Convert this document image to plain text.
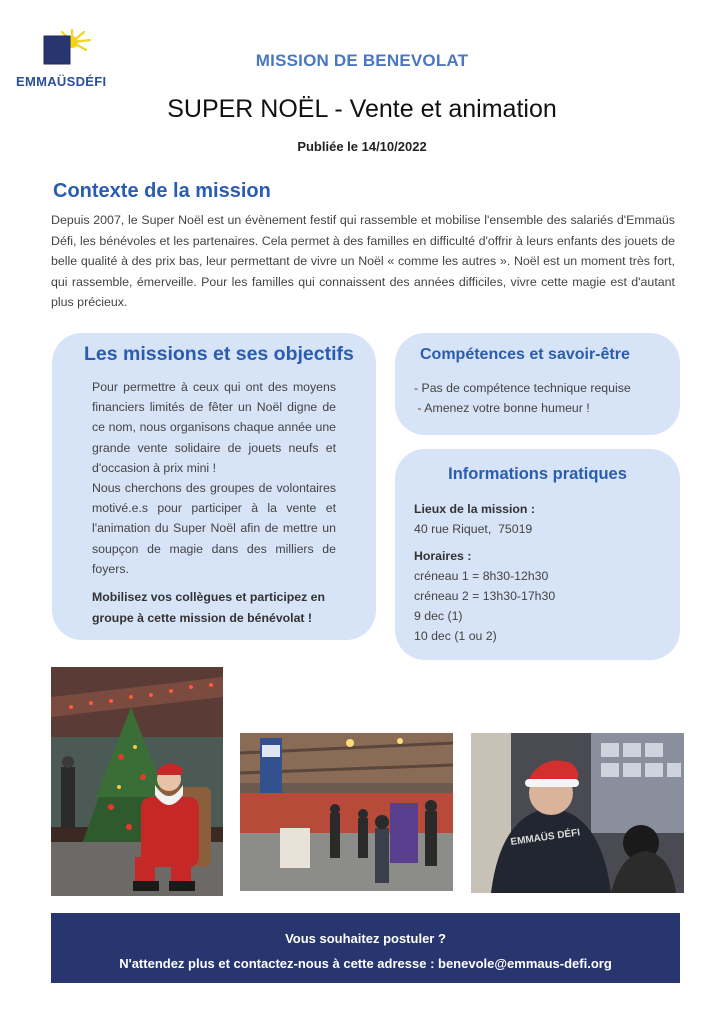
EMMAÜSDÉFI
MISSION DE BENEVOLAT
SUPER NOËL - Vente et animation
Publiée le 14/10/2022
Contexte de la mission

Depuis 2007, le Super Noël est un évènement festif qui rassemble et mobilise l'ensemble des salariés d'Emmaüs Défi, les bénévoles et les partenaires. Cela permet à des familles en difficulté d'offrir à leurs enfants des jouets de belle qualité à des prix bas, leur permettant de vivre un Noël « comme les autres ». Noël est un moment très fort, qui rassemble, émerveille. Pour les familles qui connaissent des années difficiles, vivre cette magie est d'autant plus précieux.

Les missions et ses objectifs

Pour permettre à ceux qui ont des moyens financiers limités de fêter un Noël digne de ce nom, nous organisons chaque année une grande vente solidaire de jouets neufs et d'occasion à prix mini !

Nous cherchons des groupes de volontaires motivé.e.s pour participer à la vente et l'animation du Super Noël afin de mettre un soupçon de magie dans des milliers de foyers.

Mobilisez vos collègues et participez en groupe à cette mission de bénévolat !

Compétences et savoir-être
- Pas de compétence technique requise
- Amenez votre bonne humeur !
Informations pratiques
Lieux de la mission :
40 rue Riquet,  75019
Horaires :
créneau 1 = 8h30-12h30
créneau 2 = 13h30-17h30
9 dec (1)
10 dec (1 ou 2)
EMMAÜS DÉFI
Vous souhaitez postuler ?
N'attendez plus et contactez-nous à cette adresse : benevole@emmaus-defi.org
